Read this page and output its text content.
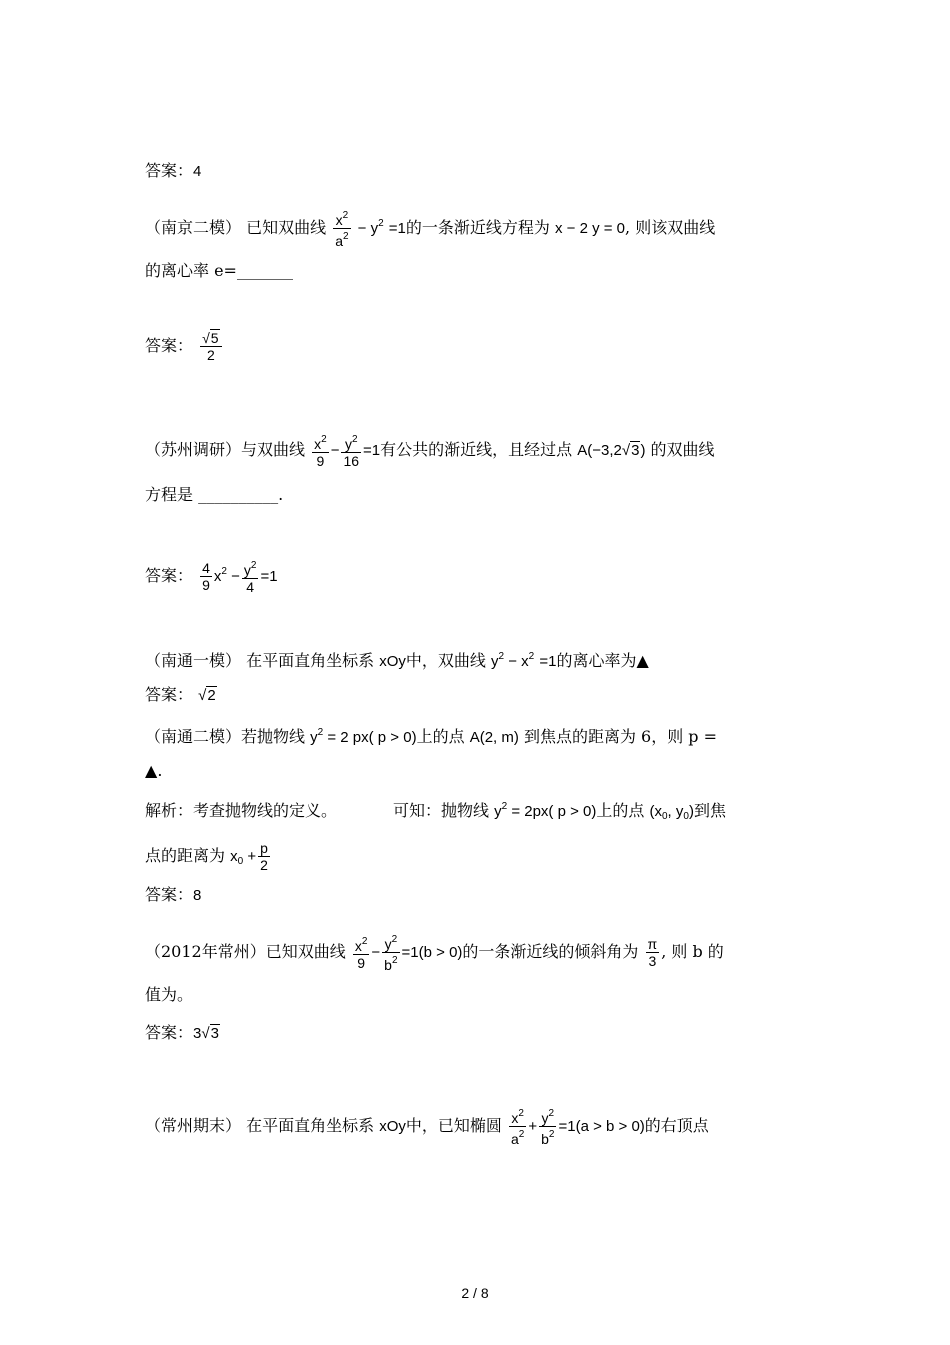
答案：4
（南京二模） 已知双曲线 $\frac{x^2}{a^2} - y^2 =1$的一条渐近线方程为 x − 2 y = 0, 则该双曲线
的离心率 e=_______
答案： $\frac{√5}{2}$
（苏州调研）与双曲线 $\frac{x^2}{9} - \frac{y^2}{16} =1$有公共的渐近线，且经过点 A(−3,2√3) 的双曲线
方程是 __________.
答案： $\frac{4}{9} x^2 - \frac{y^2}{4} =1$
（南通一模） 在平面直角坐标系 xOy中，双曲线 $y^2 - x^2 =1$的离心率为▲
答案： √2
（南通二模）若抛物线 $y^2 = 2$ px( p > 0)上的点 A(2, m) 到焦点的距离为 6，则 p =
▲.
解析：考查抛物线的定义。	可知：抛物线 $y^2 = 2px$( p > 0)上的点 ($x_0$, $y_0$)到焦
点的距离为 $x_0 + \frac{p}{2}$
答案：8
（2012年常州）已知双曲线 $\frac{x^2}{9} - \frac{y^2}{b^2} =1(b > 0)$的一条渐近线的倾斜角为 $\frac{\pi}{3}$ , 则 b 的
值为。
答案：3√3
（常州期末） 在平面直角坐标系 xOy中，已知椭圆 $\frac{x^2}{a^2} + \frac{y^2}{b^2} =1(a > b > 0)$的右顶点
2 / 8
